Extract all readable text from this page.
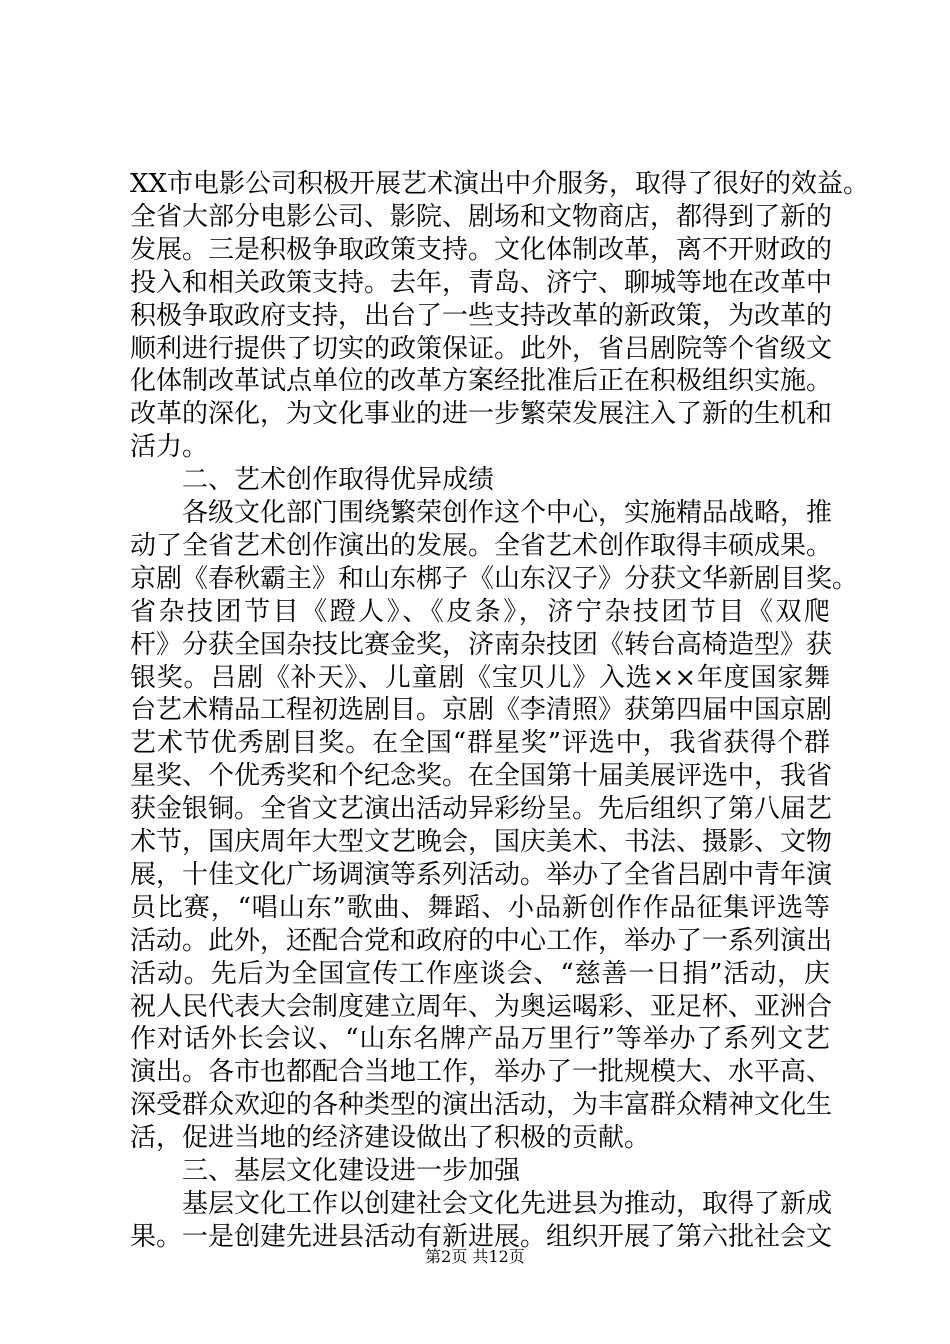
XX市电影公司积极开展艺术演出中介服务，取得了很好的效益。
全省大部分电影公司、影院、剧场和文物商店，都得到了新的
发展。三是积极争取政策支持。文化体制改革，离不开财政的
投入和相关政策支持。去年，青岛、济宁、聊城等地在改革中
积极争取政府支持，出台了一些支持改革的新政策，为改革的
顺利进行提供了切实的政策保证。此外，省吕剧院等个省级文
化体制改革试点单位的改革方案经批准后正在积极组织实施。
改革的深化，为文化事业的进一步繁荣发展注入了新的生机和
活力。
二、艺术创作取得优异成绩
各级文化部门围绕繁荣创作这个中心，实施精品战略，推
动了全省艺术创作演出的发展。全省艺术创作取得丰硕成果。
京剧《春秋霸主》和山东梆子《山东汉子》分获文华新剧目奖。
省杂技团节目《蹬人》、《皮条》，济宁杂技团节目《双爬
杆》分获全国杂技比赛金奖，济南杂技团《转台高椅造型》获
银奖。吕剧《补天》、儿童剧《宝贝儿》入选××年度国家舞
台艺术精品工程初选剧目。京剧《李清照》获第四届中国京剧
艺术节优秀剧目奖。在全国“群星奖”评选中，我省获得个群
星奖、个优秀奖和个纪念奖。在全国第十届美展评选中，我省
获金银铜。全省文艺演出活动异彩纷呈。先后组织了第八届艺
术节，国庆周年大型文艺晚会，国庆美术、书法、摄影、文物
展，十佳文化广场调演等系列活动。举办了全省吕剧中青年演
员比赛，“唱山东”歌曲、舞蹈、小品新创作作品征集评选等
活动。此外，还配合党和政府的中心工作，举办了一系列演出
活动。先后为全国宣传工作座谈会、“慈善一日捐”活动，庆
祝人民代表大会制度建立周年、为奥运喝彩、亚足杯、亚洲合
作对话外长会议、“山东名牌产品万里行”等举办了系列文艺
演出。各市也都配合当地工作，举办了一批规模大、水平高、
深受群众欢迎的各种类型的演出活动，为丰富群众精神文化生
活，促进当地的经济建设做出了积极的贡献。
三、基层文化建设进一步加强
基层文化工作以创建社会文化先进县为推动，取得了新成
果。一是创建先进县活动有新进展。组织开展了第六批社会文
第2页 共12页
